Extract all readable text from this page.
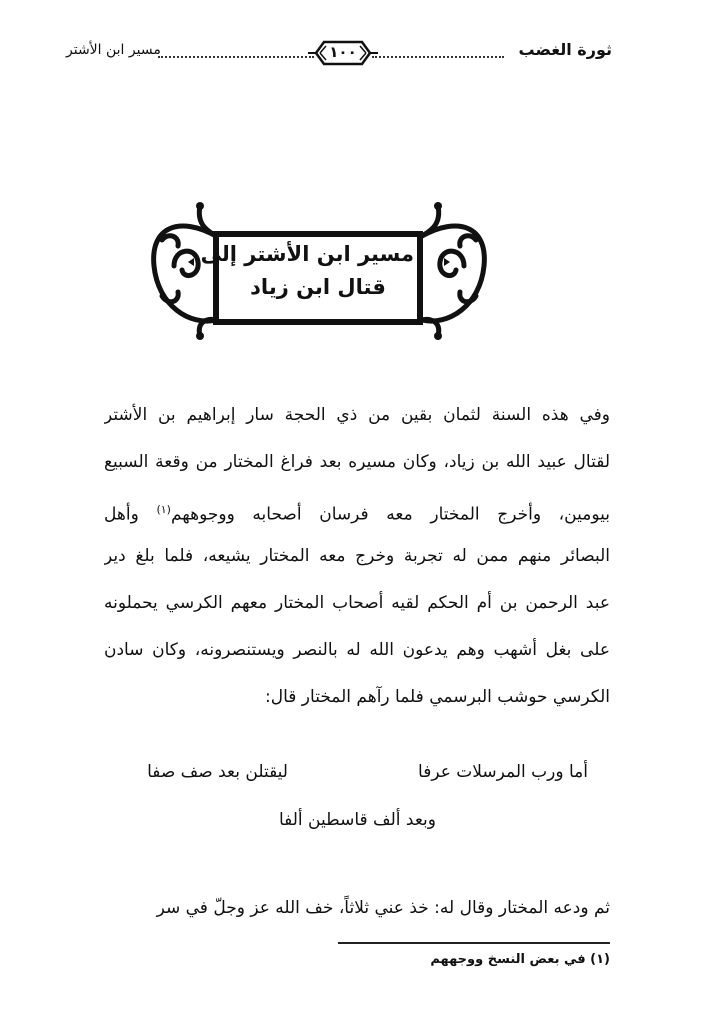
ثورة الغضب
١٠٠
مسير ابن الأشتر
مسير ابن الأشتر إلى
قتال ابن زياد
وفي هذه السنة لثمان بقين من ذي الحجة سار إبراهيم بن الأشتر
لقتال عبيد الله بن زياد، وكان مسيره بعد فراغ المختار من وقعة السبيع
بيومين، وأخرج المختار معه فرسان أصحابه ووجوههم$^{(١)}$ وأهل
البصائر منهم ممن له تجربة وخرج معه المختار يشيعه، فلما بلغ دير
عبد الرحمن بن أم الحكم لقيه أصحاب المختار معهم الكرسي يحملونه
على بغل أشهب وهم يدعون الله له بالنصر ويستنصرونه، وكان سادن
الكرسي حوشب البرسمي فلما رآهم المختار قال:
أما ورب المرسلات عرفا
ليقتلن بعد صف صفا
وبعد ألف قاسطين ألفا
ثم ودعه المختار وقال له: خذ عني ثلاثاً، خف الله عز وجلّ في سر
(١) في بعض النسخ ووجههم
